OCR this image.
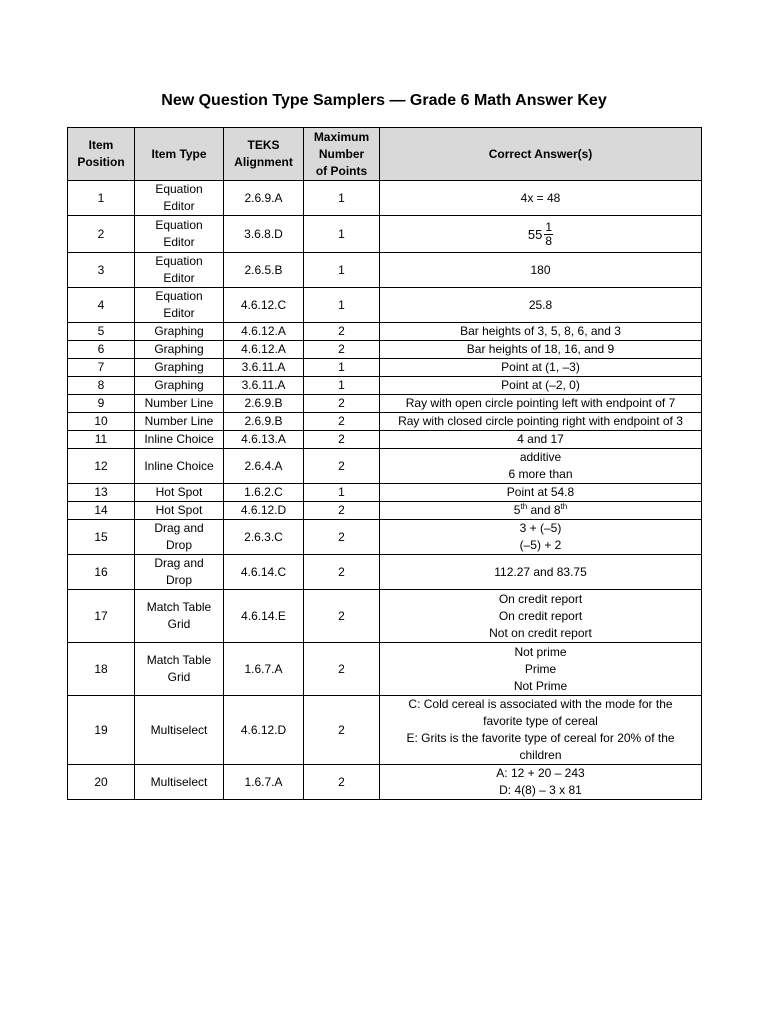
New Question Type Samplers — Grade 6 Math Answer Key
Item
Position	Item Type	TEKS
Alignment	Maximum
Number
of Points	Correct Answer(s)
1	Equation
Editor	2.6.9.A	1	4x = 48

2	Equation
Editor	3.6.8.D	1	$55 \frac{1}{8}$

3	Equation
Editor	2.6.5.B	1	180

4	Equation
Editor	4.6.12.C	1	25.8

5	Graphing	4.6.12.A	2	Bar heights of 3, 5, 8, 6, and 3

6	Graphing	4.6.12.A	2	Bar heights of 18, 16, and 9

7	Graphing	3.6.11.A	1	Point at (1, –3)

8	Graphing	3.6.11.A	1	Point at (–2, 0)

9	Number Line	2.6.9.B	2	Ray with open circle pointing left with endpoint of 7

10	Number Line	2.6.9.B	2	Ray with closed circle pointing right with endpoint of 3

11	Inline Choice	4.6.13.A	2	4 and 17

12	Inline Choice	2.6.4.A	2	additive
6 more than

13	Hot Spot	1.6.2.C	1	Point at 54.8

14	Hot Spot	4.6.12.D	2	5th and 8th
15	Drag and
Drop	2.6.3.C	2	3 + (–5)
(–5) + 2

16	Drag and
Drop	4.6.14.C	2	112.27 and 83.75

17	Match Table
Grid	4.6.14.E	2	On credit report
On credit report
Not on credit report

18	Match Table
Grid	1.6.7.A	2	Not prime
Prime
Not Prime

19	Multiselect	4.6.12.D	2	C: Cold cereal is associated with the mode for the
favorite type of cereal
E: Grits is the favorite type of cereal for 20% of the
children

20	Multiselect	1.6.7.A	2	A: 12 + 20 – 243
D: 4(8) – 3 x 81
